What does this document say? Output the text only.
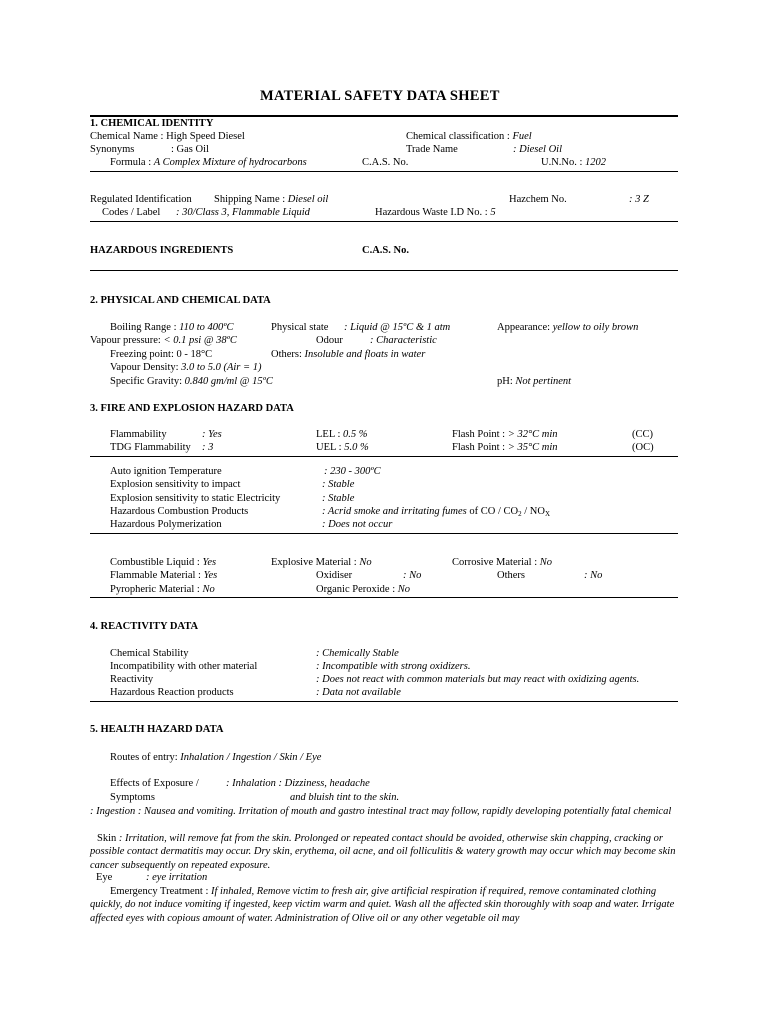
MATERIAL SAFETY DATA SHEET
1. CHEMICAL IDENTITY
Chemical Name : High Speed Diesel	Chemical classification : Fuel
Synonyms	: Gas Oil	Trade Name	: Diesel Oil
Formula : A Complex Mixture of hydrocarbons	C.A.S. No.	U.N.No. : 1202
Regulated Identification Shipping Name : Diesel oil	Hazchem No.	: 3 Z
Codes / Label : 30/Class 3, Flammable Liquid	Hazardous Waste I.D No. : 5
HAZARDOUS INGREDIENTS	C.A.S. No.
2. PHYSICAL AND CHEMICAL DATA
Boiling Range : 110 to 400ºC	Physical state : Liquid @ 15ºC & 1 atm	Appearance: yellow to oily brown
Vapour pressure: < 0.1 psi @ 38ºC	Odour	: Characteristic
Freezing point: 0 - 18°C	Others: Insoluble and floats in water
Vapour Density: 3.0 to 5.0 (Air = 1)
Specific Gravity: 0.840 gm/ml @ 15ºC	pH: Not pertinent
3. FIRE AND EXPLOSION HAZARD DATA
Flammability	: Yes	LEL : 0.5 %	Flash Point : > 32°C min	(CC)
TDG Flammability : 3	UEL : 5.0 %	Flash Point : > 35°C min	(OC)
Auto ignition Temperature	: 230 - 300ºC
Explosion sensitivity to impact	: Stable
Explosion sensitivity to static Electricity	: Stable
Hazardous Combustion Products	: Acrid smoke and irritating fumes of CO / $CO_2 / NO_X$
Hazardous Polymerization	: Does not occur
Combustible Liquid : Yes	Explosive Material : No	Corrosive Material : No
Flammable Material : Yes	Oxidiser	: No	Others	: No
Pyropheric Material : No	Organic Peroxide : No
4. REACTIVITY DATA
Chemical Stability	: Chemically Stable
Incompatibility with other material	: Incompatible with strong oxidizers.
Reactivity	: Does not react with common materials but may react with oxidizing agents.
Hazardous Reaction products	: Data not available
5. HEALTH HAZARD DATA
Routes of entry: Inhalation / Ingestion / Skin / Eye
Effects of Exposure /	: Inhalation : Dizziness, headache
Symptoms	and bluish tint to the skin.
: Ingestion : Nausea and vomiting. Irritation of mouth and gastro intestinal tract may follow, rapidly developing potentially fatal chemical
Skin : Irritation, will remove fat from the skin. Prolonged or repeated contact should be avoided, otherwise skin chapping, cracking or possible contact dermatitis may occur. Dry skin, erythema, oil acne, and oil folliculitis & watery growth may occur which may become skin cancer subsequently on repeated exposure.
Eye	: eye irritation
Emergency Treatment : If inhaled, Remove victim to fresh air, give artificial respiration if required, remove contaminated clothing quickly, do not induce vomiting if ingested, keep victim warm and quiet. Wash all the affected skin thoroughly with soap and water. Irrigate affected eyes with copious amount of water. Administration of Olive oil or any other vegetable oil may
